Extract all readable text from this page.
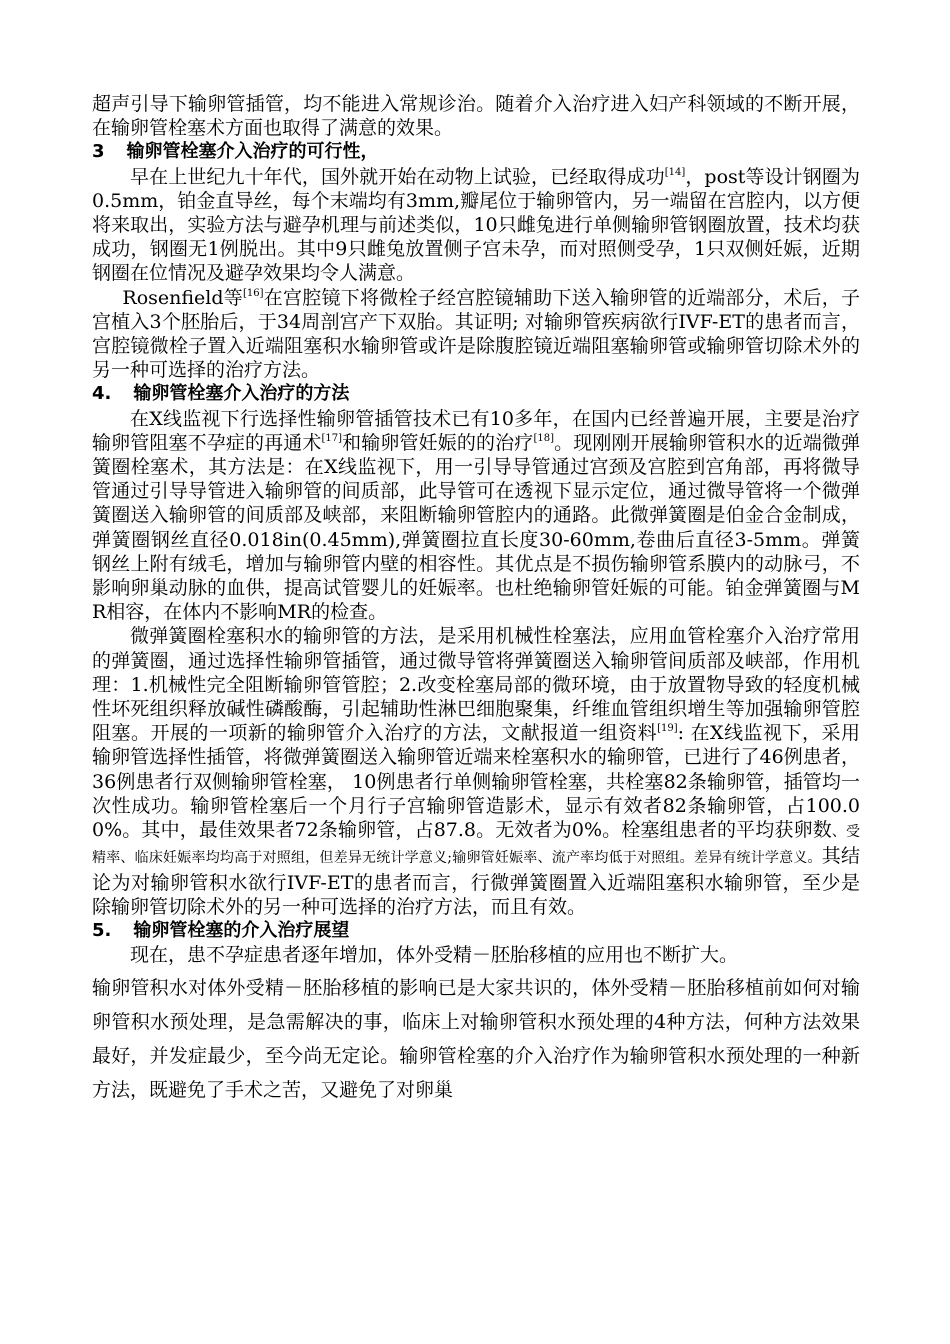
超声引导下输卵管插管，均不能进入常规诊治。随着介入治疗进入妇产科领域的不断开展，在输卵管栓塞术方面也取得了满意的效果。

3 输卵管栓塞介入治疗的可行性，

早在上世纪九十年代，国外就开始在动物上试验，已经取得成功[14]，post等设计钢圈为0.5mm，铂金直导丝，每个末端均有3mm,瓣尾位于输卵管内，另一端留在宫腔内，以方便将来取出，实验方法与避孕机理与前述类似，10只雌兔进行单侧输卵管钢圈放置，技术均获成功，钢圈无1例脱出。其中9只雌兔放置侧子宫未孕，而对照侧受孕，1只双侧妊娠，近期钢圈在位情况及避孕效果均令人满意。

Rosenfield等[16]在宫腔镜下将微栓子经宫腔镜辅助下送入输卵管的近端部分，术后，子宫植入3个胚胎后，于34周剖宫产下双胎。其证明; 对输卵管疾病欲行IVF-ET的患者而言， 宫腔镜微栓子置入近端阻塞积水输卵管或许是除腹腔镜近端阻塞输卵管或输卵管切除术外的另一种可选择的治疗方法。

4. 输卵管栓塞介入治疗的方法

在X线监视下行选择性输卵管插管技术已有10多年，在国内已经普遍开展，主要是治疗输卵管阻塞不孕症的再通术[17]和输卵管妊娠的的治疗[18]。现刚刚开展输卵管积水的近端微弹簧圈栓塞术，其方法是：在X线监视下，用一引导导管通过宫颈及宫腔到宫角部，再将微导管通过引导导管进入输卵管的间质部，此导管可在透视下显示定位，通过微导管将一个微弹簧圈送入输卵管的间质部及峡部，来阻断输卵管腔内的通路。此微弹簧圈是伯金合金制成，弹簧圈钢丝直径0.018in(0.45mm),弹簧圈拉直长度30-60mm,卷曲后直径3-5mm。弹簧钢丝上附有绒毛，增加与输卵管内壁的相容性。其优点是不损伤输卵管系膜内的动脉弓，不影响卵巢动脉的血供，提高试管婴儿的妊娠率。也杜绝输卵管妊娠的可能。铂金弹簧圈与MR相容，在体内不影响MR的检查。

微弹簧圈栓塞积水的输卵管的方法，是采用机械性栓塞法，应用血管栓塞介入治疗常用的弹簧圈，通过选择性输卵管插管，通过微导管将弹簧圈送入输卵管间质部及峡部，作用机理：1.机械性完全阻断输卵管管腔；2.改变栓塞局部的微环境，由于放置物导致的轻度机械性坏死组织释放碱性磷酸酶，引起辅助性淋巴细胞聚集，纤维血管组织增生等加强输卵管腔阻塞。开展的一项新的输卵管介入治疗的方法，文献报道一组资料[19]: 在X线监视下，采用输卵管选择性插管，将微弹簧圈送入输卵管近端来栓塞积水的输卵管，已进行了46例患者， 36例患者行双侧输卵管栓塞， 10例患者行单侧输卵管栓塞，共栓塞82条输卵管，插管均一次性成功。输卵管栓塞后一个月行子宫输卵管造影术，显示有效者82条输卵管，占100.00%。其中，最佳效果者72条输卵管，占87.8。无效者为0%。栓塞组患者的平均获卵数、受精率、临床妊娠率均均高于对照组，但差异无统计学意义;输卵管妊娠率、流产率均低于对照组。差异有统计学意义。其结论为对输卵管积水欲行IVF-ET的患者而言，行微弹簧圈置入近端阻塞积水输卵管，至少是除输卵管切除术外的另一种可选择的治疗方法，而且有效。

5. 输卵管栓塞的介入治疗展望

现在，患不孕症患者逐年增加，体外受精－胚胎移植的应用也不断扩大。

输卵管积水对体外受精－胚胎移植的影响已是大家共识的，体外受精－胚胎移植前如何对输卵管积水预处理，是急需解决的事，临床上对输卵管积水预处理的4种方法，何种方法效果最好，并发症最少，至今尚无定论。输卵管栓塞的介入治疗作为输卵管积水预处理的一种新方法，既避免了手术之苦，又避免了对卵巢
